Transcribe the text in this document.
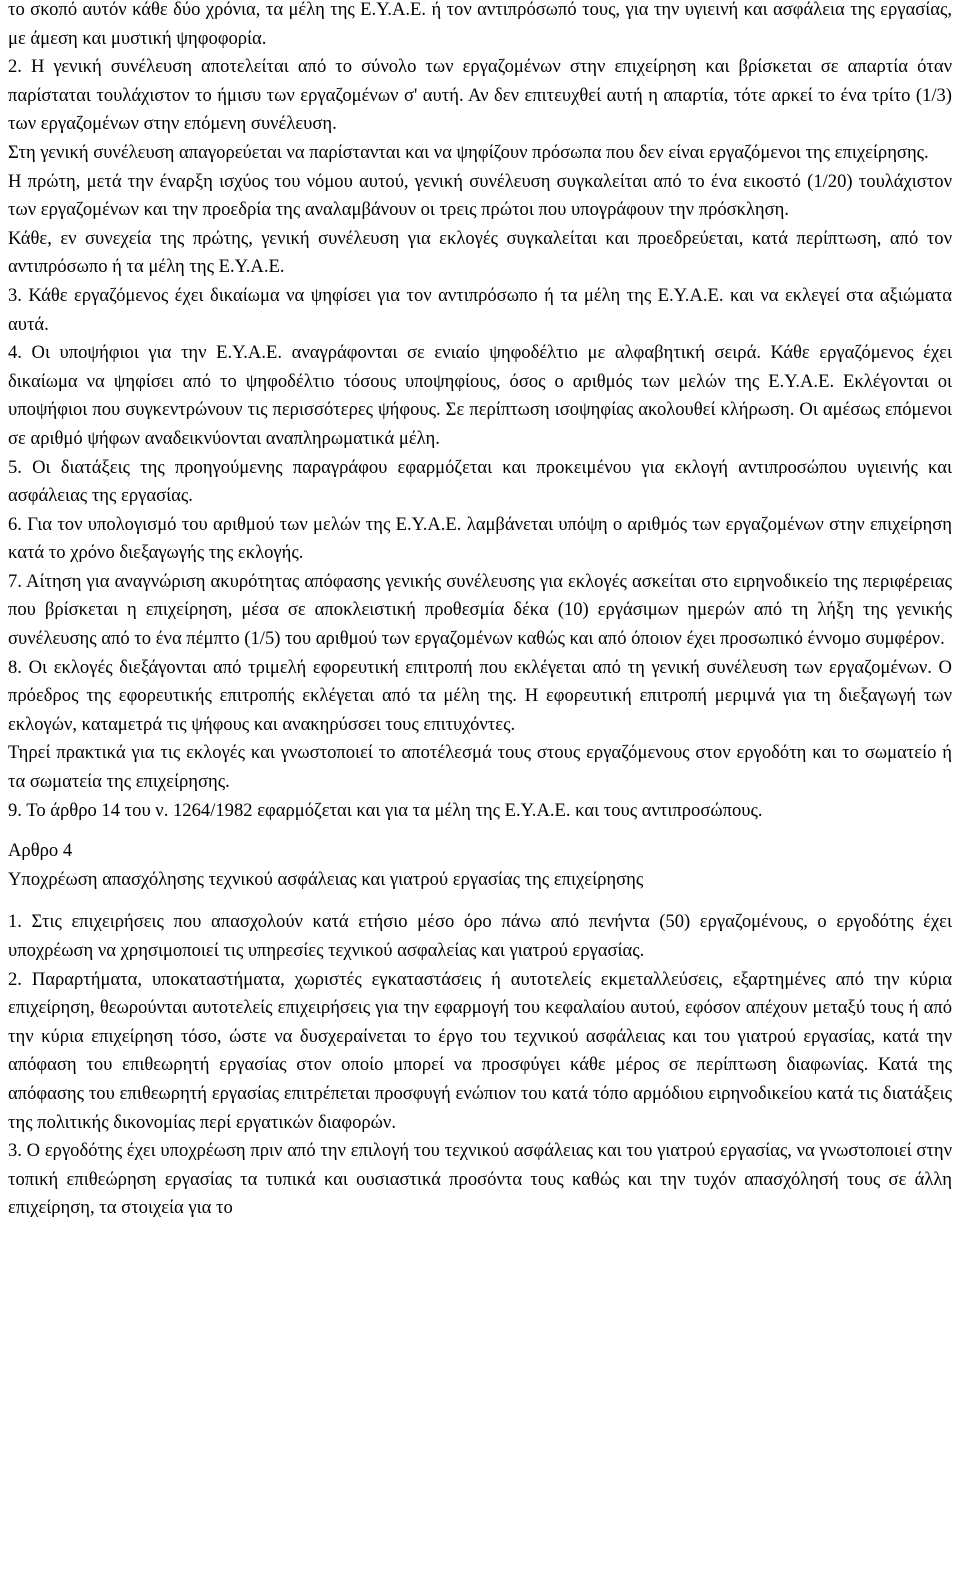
το σκοπό αυτόν κάθε δύο χρόνια, τα μέλη της Ε.Υ.Α.Ε. ή τον αντιπρόσωπό τους, για την υγιεινή και ασφάλεια της εργασίας, με άμεση και μυστική ψηφοφορία.

2. Η γενική συνέλευση αποτελείται από το σύνολο των εργαζομένων στην επιχείρηση και βρίσκεται σε απαρτία όταν παρίσταται τουλάχιστον το ήμισυ των εργαζομένων σ' αυτή. Αν δεν επιτευχθεί αυτή η απαρτία, τότε αρκεί το ένα τρίτο (1/3) των εργαζομένων στην επόμενη συνέλευση.

Στη γενική συνέλευση απαγορεύεται να παρίστανται και να ψηφίζουν πρόσωπα που δεν είναι εργαζόμενοι της επιχείρησης.

Η πρώτη, μετά την έναρξη ισχύος του νόμου αυτού, γενική συνέλευση συγκαλείται από το ένα εικοστό (1/20) τουλάχιστον των εργαζομένων και την προεδρία της αναλαμβάνουν οι τρεις πρώτοι που υπογράφουν την πρόσκληση.

Κάθε, εν συνεχεία της πρώτης, γενική συνέλευση για εκλογές συγκαλείται και προεδρεύεται, κατά περίπτωση, από τον αντιπρόσωπο ή τα μέλη της Ε.Υ.Α.Ε.

3. Κάθε εργαζόμενος έχει δικαίωμα να ψηφίσει για τον αντιπρόσωπο ή τα μέλη της Ε.Υ.Α.Ε. και να εκλεγεί στα αξιώματα αυτά.

4. Οι υποψήφιοι για την Ε.Υ.Α.Ε. αναγράφονται σε ενιαίο ψηφοδέλτιο με αλφαβητική σειρά. Κάθε εργαζόμενος έχει δικαίωμα να ψηφίσει από το ψηφοδέλτιο τόσους υποψηφίους, όσος ο αριθμός των μελών της Ε.Υ.Α.Ε. Εκλέγονται οι υποψήφιοι που συγκεντρώνουν τις περισσότερες ψήφους. Σε περίπτωση ισοψηφίας ακολουθεί κλήρωση. Οι αμέσως επόμενοι σε αριθμό ψήφων αναδεικνύονται αναπληρωματικά μέλη.

5. Οι διατάξεις της προηγούμενης παραγράφου εφαρμόζεται και προκειμένου για εκλογή αντιπροσώπου υγιεινής και ασφάλειας της εργασίας.

6. Για τον υπολογισμό του αριθμού των μελών της Ε.Υ.Α.Ε. λαμβάνεται υπόψη ο αριθμός των εργαζομένων στην επιχείρηση κατά το χρόνο διεξαγωγής της εκλογής.

7. Αίτηση για αναγνώριση ακυρότητας απόφασης γενικής συνέλευσης για εκλογές ασκείται στο ειρηνοδικείο της περιφέρειας που βρίσκεται η επιχείρηση, μέσα σε αποκλειστική προθεσμία δέκα (10) εργάσιμων ημερών από τη λήξη της γενικής συνέλευσης από το ένα πέμπτο (1/5) του αριθμού των εργαζομένων καθώς και από όποιον έχει προσωπικό έννομο συμφέρον.

8. Οι εκλογές διεξάγονται από τριμελή εφορευτική επιτροπή που εκλέγεται από τη γενική συνέλευση των εργαζομένων. Ο πρόεδρος της εφορευτικής επιτροπής εκλέγεται από τα μέλη της. Η εφορευτική επιτροπή μεριμνά για τη διεξαγωγή των εκλογών, καταμετρά τις ψήφους και ανακηρύσσει τους επιτυχόντες.

Τηρεί πρακτικά για τις εκλογές και γνωστοποιεί το αποτέλεσμά τους στους εργαζόμενους στον εργοδότη και το σωματείο ή τα σωματεία της επιχείρησης.

9. Το άρθρο 14 του ν. 1264/1982 εφαρμόζεται και για τα μέλη της Ε.Υ.Α.Ε. και τους αντιπροσώπους.

Αρθρο 4

Υποχρέωση απασχόλησης τεχνικού ασφάλειας και γιατρού εργασίας της επιχείρησης

1. Στις επιχειρήσεις που απασχολούν κατά ετήσιο μέσο όρο πάνω από πενήντα (50) εργαζομένους, ο εργοδότης έχει υποχρέωση να χρησιμοποιεί τις υπηρεσίες τεχνικού ασφαλείας και γιατρού εργασίας.

2. Παραρτήματα, υποκαταστήματα, χωριστές εγκαταστάσεις ή αυτοτελείς εκμεταλλεύσεις, εξαρτημένες από την κύρια επιχείρηση, θεωρούνται αυτοτελείς επιχειρήσεις για την εφαρμογή του κεφαλαίου αυτού, εφόσον απέχουν μεταξύ τους ή από την κύρια επιχείρηση τόσο, ώστε να δυσχεραίνεται το έργο του τεχνικού ασφάλειας και του γιατρού εργασίας, κατά την απόφαση του επιθεωρητή εργασίας στον οποίο μπορεί να προσφύγει κάθε μέρος σε περίπτωση διαφωνίας. Κατά της απόφασης του επιθεωρητή εργασίας επιτρέπεται προσφυγή ενώπιον του κατά τόπο αρμόδιου ειρηνοδικείου κατά τις διατάξεις της πολιτικής δικονομίας περί εργατικών διαφορών.

3. Ο εργοδότης έχει υποχρέωση πριν από την επιλογή του τεχνικού ασφάλειας και του γιατρού εργασίας, να γνωστοποιεί στην τοπική επιθεώρηση εργασίας τα τυπικά και ουσιαστικά προσόντα τους καθώς και την τυχόν απασχόλησή τους σε άλλη επιχείρηση, τα στοιχεία για το
